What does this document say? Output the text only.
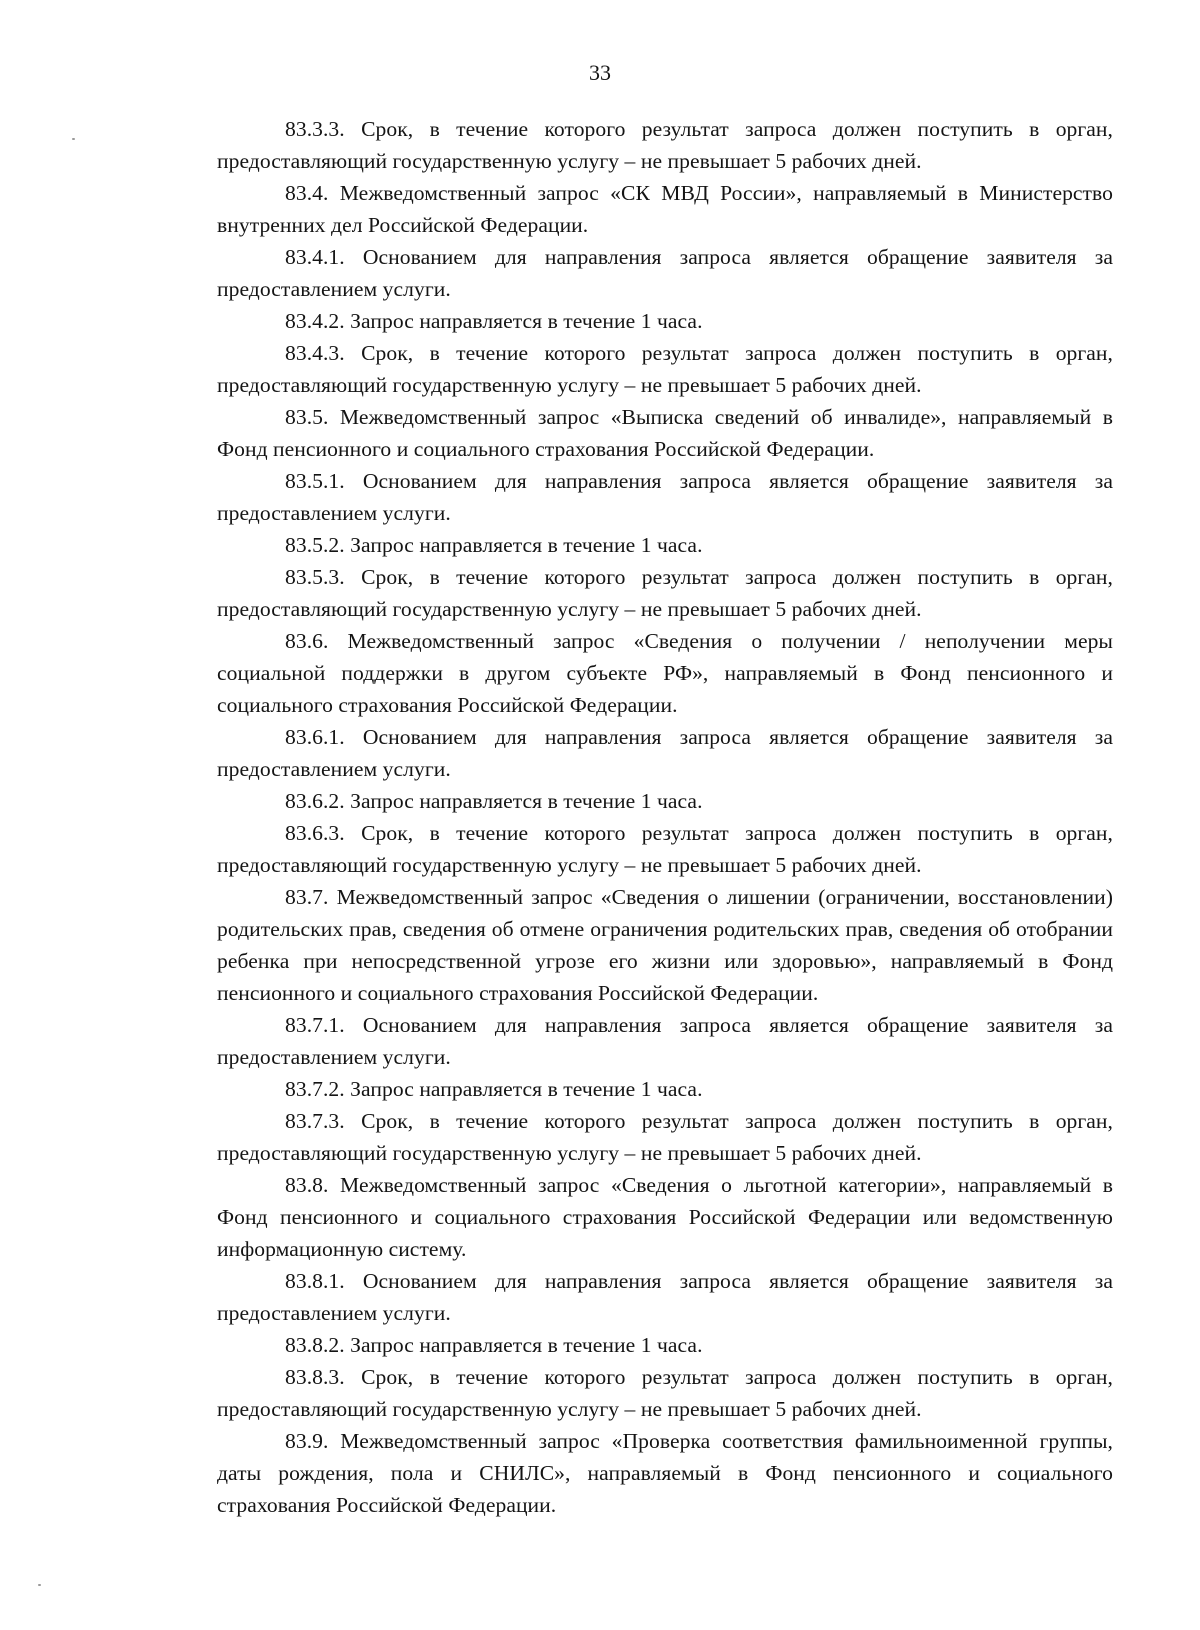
33

83.3.3. Срок, в течение которого результат запроса должен поступить в орган, предоставляющий государственную услугу – не превышает 5 рабочих дней.

83.4. Межведомственный запрос «СК МВД России», направляемый в Министерство внутренних дел Российской Федерации.

83.4.1. Основанием для направления запроса является обращение заявителя за предоставлением услуги.

83.4.2. Запрос направляется в течение 1 часа.

83.4.3. Срок, в течение которого результат запроса должен поступить в орган, предоставляющий государственную услугу – не превышает 5 рабочих дней.

83.5. Межведомственный запрос «Выписка сведений об инвалиде», направляемый в Фонд пенсионного и социального страхования Российской Федерации.

83.5.1. Основанием для направления запроса является обращение заявителя за предоставлением услуги.

83.5.2. Запрос направляется в течение 1 часа.

83.5.3. Срок, в течение которого результат запроса должен поступить в орган, предоставляющий государственную услугу – не превышает 5 рабочих дней.

83.6. Межведомственный запрос «Сведения о получении / неполучении меры социальной поддержки в другом субъекте РФ», направляемый в Фонд пенсионного и социального страхования Российской Федерации.

83.6.1. Основанием для направления запроса является обращение заявителя за предоставлением услуги.

83.6.2. Запрос направляется в течение 1 часа.

83.6.3. Срок, в течение которого результат запроса должен поступить в орган, предоставляющий государственную услугу – не превышает 5 рабочих дней.

83.7. Межведомственный запрос «Сведения о лишении (ограничении, восстановлении) родительских прав, сведения об отмене ограничения родительских прав, сведения об отобрании ребенка при непосредственной угрозе его жизни или здоровью», направляемый в Фонд пенсионного и социального страхования Российской Федерации.

83.7.1. Основанием для направления запроса является обращение заявителя за предоставлением услуги.

83.7.2. Запрос направляется в течение 1 часа.

83.7.3. Срок, в течение которого результат запроса должен поступить в орган, предоставляющий государственную услугу – не превышает 5 рабочих дней.

83.8. Межведомственный запрос «Сведения о льготной категории», направляемый в Фонд пенсионного и социального страхования Российской Федерации или ведомственную информационную систему.

83.8.1. Основанием для направления запроса является обращение заявителя за предоставлением услуги.

83.8.2. Запрос направляется в течение 1 часа.

83.8.3. Срок, в течение которого результат запроса должен поступить в орган, предоставляющий государственную услугу – не превышает 5 рабочих дней.

83.9. Межведомственный запрос «Проверка соответствия фамильноименной группы, даты рождения, пола и СНИЛС», направляемый в Фонд пенсионного и социального страхования Российской Федерации.
